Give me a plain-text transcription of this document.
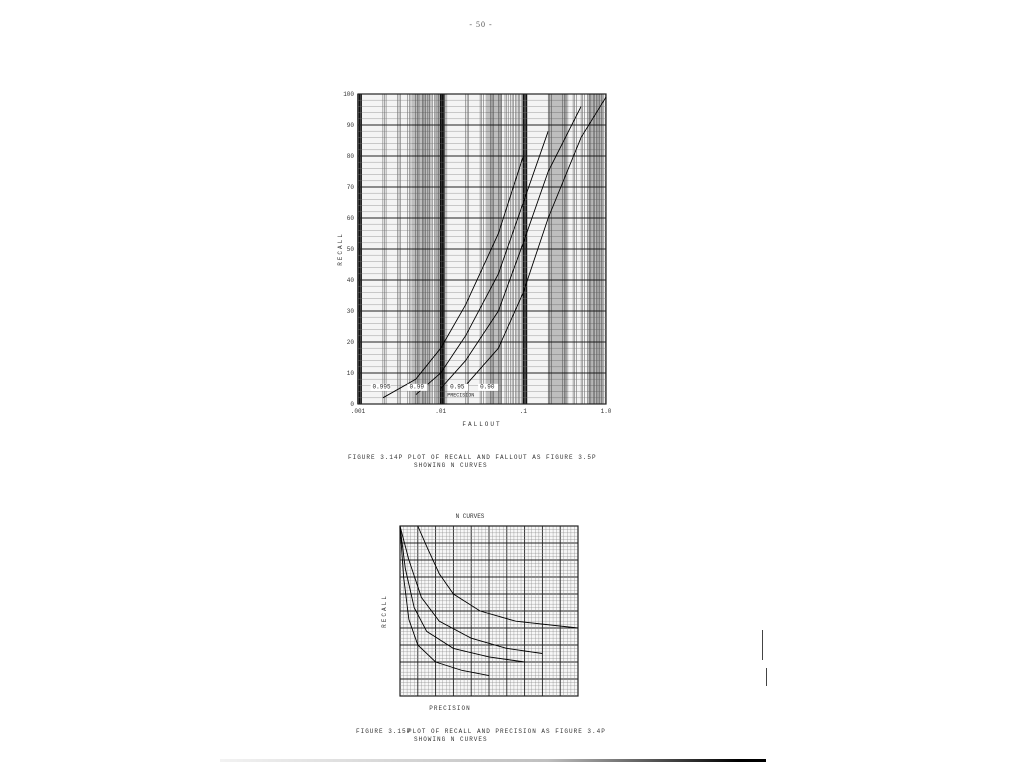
- 50 -
0
10
20
30
40
50
60
70
80
90
100
.001	.01	.1	1.0
0.995	0.99	0.95	0.90
PRECISION
RECALL
FALLOUT
FIGURE 3.14P PLOT OF RECALL AND FALLOUT AS FIGURE 3.5P
SHOWING N CURVES
N CURVES
RECALL
PRECISION
FIGURE 3.15P
PLOT OF RECALL AND PRECISION AS FIGURE 3.4P
SHOWING N CURVES
